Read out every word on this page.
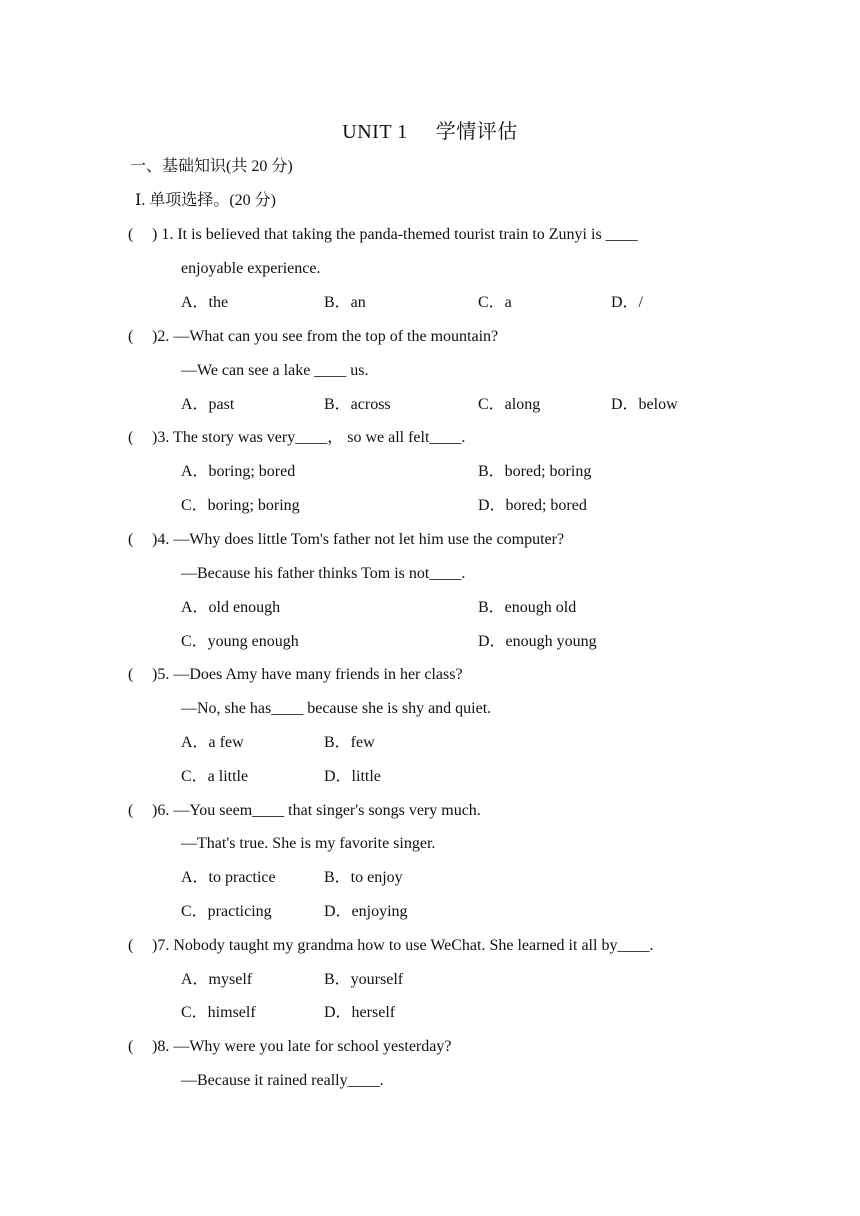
UNIT 1 学情评估
一、基础知识(共 20 分)
Ⅰ. 单项选择。(20 分)
( ) 1. It is believed that taking the panda-themed tourist train to Zunyi is ____
enjoyable experience.
A．the	B．an	C．a	D．/
( )2. —What can you see from the top of the mountain?
—We can see a lake ____ us.
A．past	B．across	C．along	D．below
( )3. The story was very____， so we all felt____.
A．boring; bored	B．bored; boring
C．boring; boring	D．bored; bored
( )4. —Why does little Tom's father not let him use the computer?
—Because his father thinks Tom is not____.
A．old enough	B．enough old
C．young enough	D．enough young
( )5. —Does Amy have many friends in her class?
—No, she has____ because she is shy and quiet.
A．a few	B．few
C．a little	D．little
( )6. —You seem____ that singer's songs very much.
—That's true. She is my favorite singer.
A．to practice	B．to enjoy
C．practicing	D．enjoying
( )7. Nobody taught my grandma how to use WeChat. She learned it all by____.
A．myself	B．yourself
C．himself	D．herself
( )8. —Why were you late for school yesterday?
—Because it rained really____.
